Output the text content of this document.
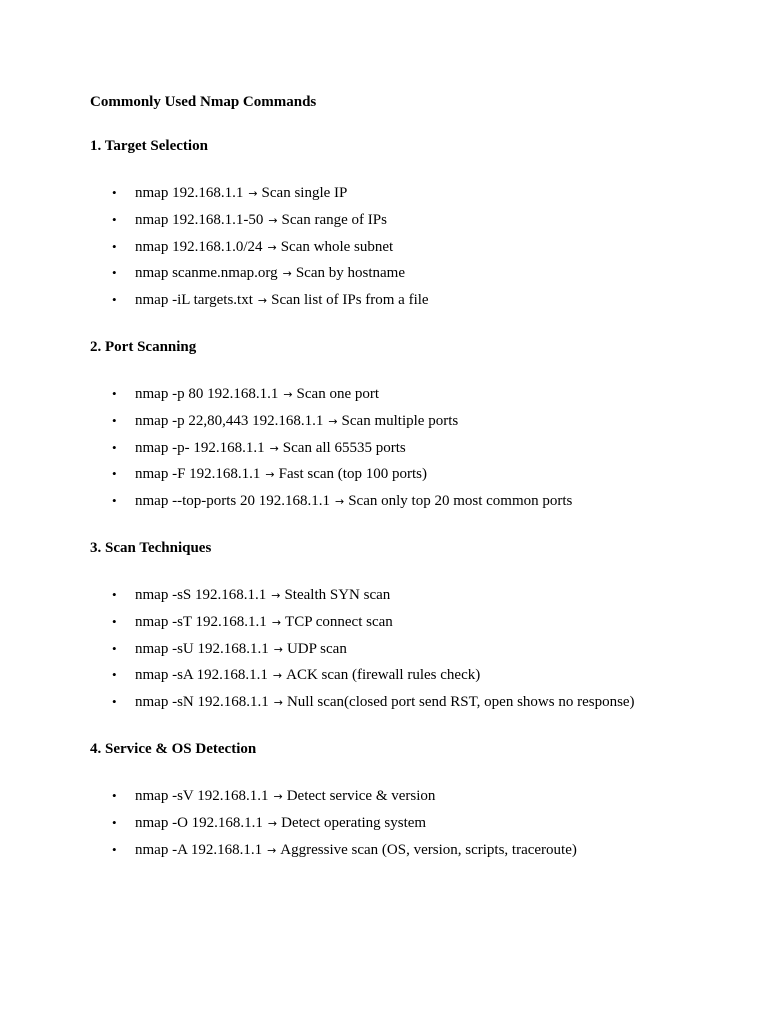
Commonly Used Nmap Commands
1. Target Selection
• nmap 192.168.1.1 → Scan single IP
• nmap 192.168.1.1-50 → Scan range of IPs
• nmap 192.168.1.0/24 → Scan whole subnet
• nmap scanme.nmap.org → Scan by hostname
• nmap -iL targets.txt → Scan list of IPs from a file
2. Port Scanning
• nmap -p 80 192.168.1.1 → Scan one port
• nmap -p 22,80,443 192.168.1.1 → Scan multiple ports
• nmap -p- 192.168.1.1 → Scan all 65535 ports
• nmap -F 192.168.1.1 → Fast scan (top 100 ports)
• nmap --top-ports 20 192.168.1.1 → Scan only top 20 most common ports
3. Scan Techniques
• nmap -sS 192.168.1.1 → Stealth SYN scan
• nmap -sT 192.168.1.1 → TCP connect scan
• nmap -sU 192.168.1.1 → UDP scan
• nmap -sA 192.168.1.1 → ACK scan (firewall rules check)
• nmap -sN 192.168.1.1 → Null scan(closed port send RST, open shows no response)
4. Service & OS Detection
• nmap -sV 192.168.1.1 → Detect service & version
• nmap -O 192.168.1.1 → Detect operating system
• nmap -A 192.168.1.1 → Aggressive scan (OS, version, scripts, traceroute)
